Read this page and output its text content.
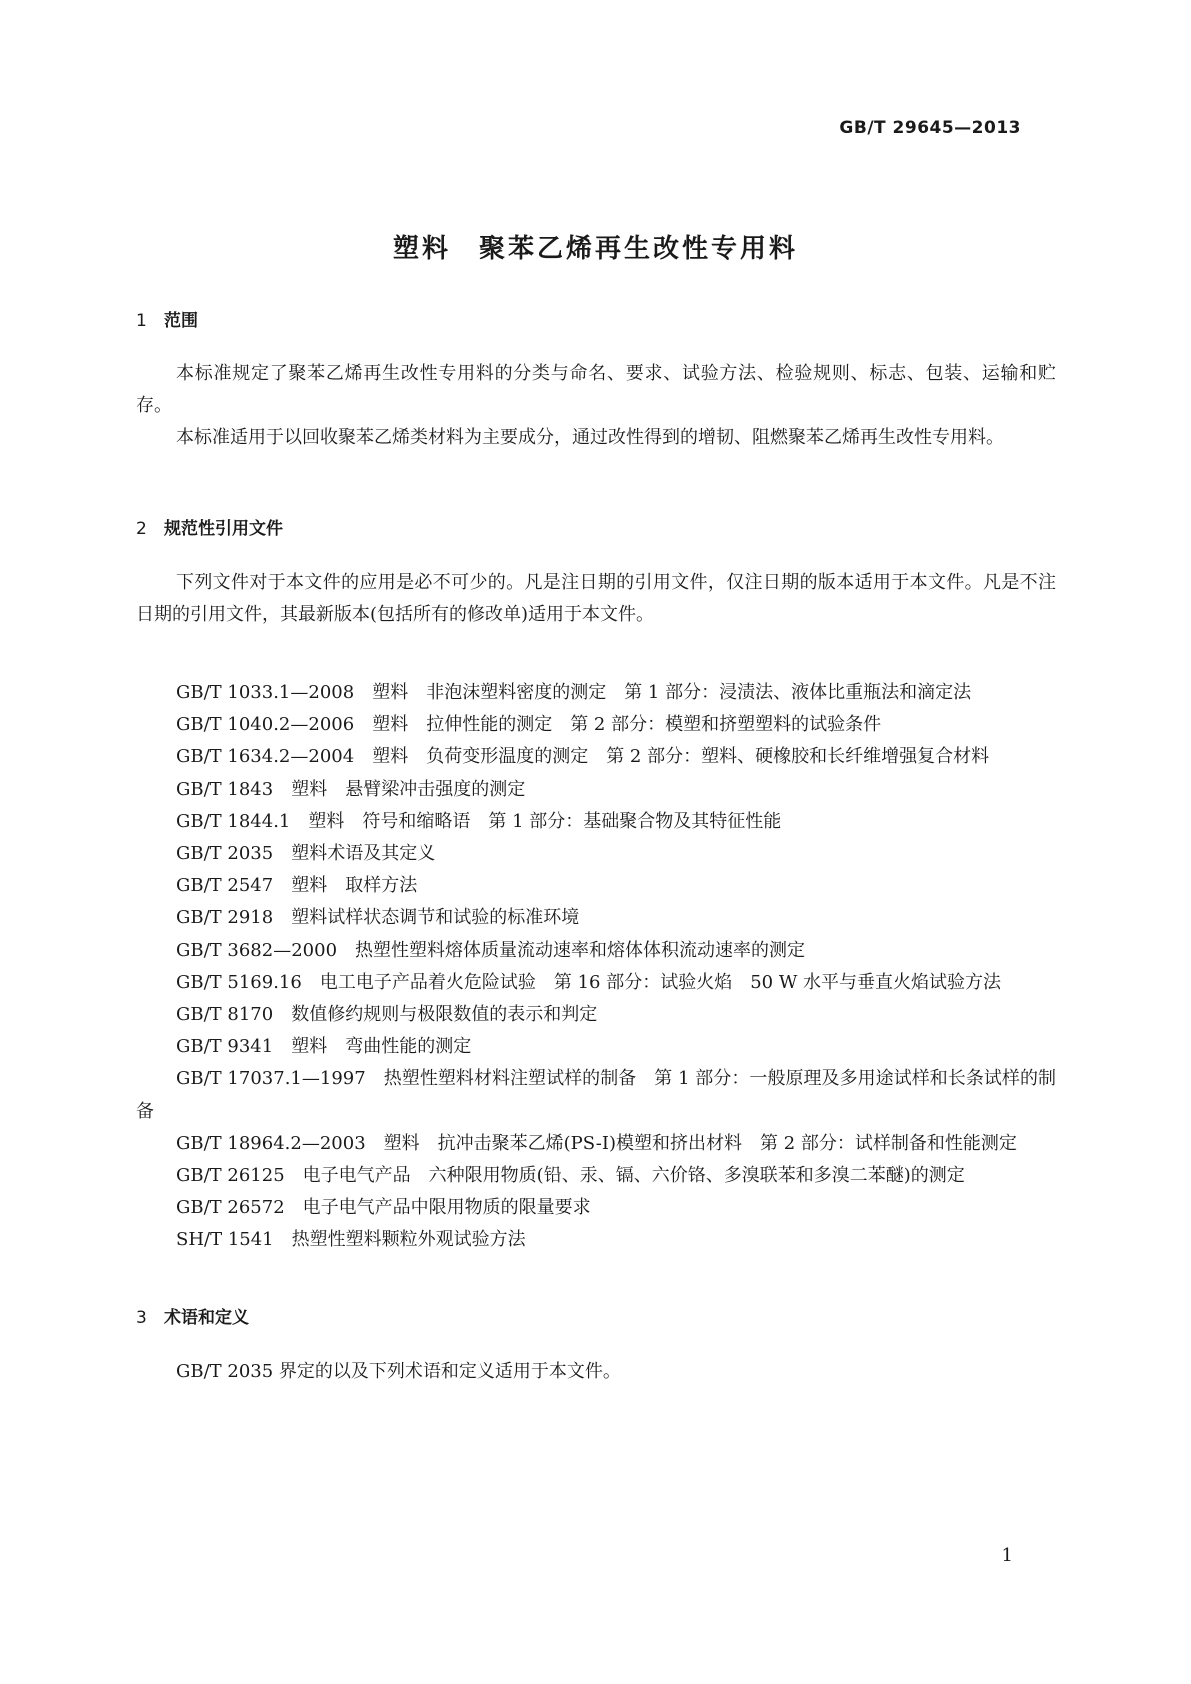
GB/T 29645—2013
塑料 聚苯乙烯再生改性专用料
1 范围

本标准规定了聚苯乙烯再生改性专用料的分类与命名、要求、试验方法、检验规则、标志、包装、运输和贮存。

本标准适用于以回收聚苯乙烯类材料为主要成分，通过改性得到的增韧、阻燃聚苯乙烯再生改性专用料。

2 规范性引用文件

下列文件对于本文件的应用是必不可少的。凡是注日期的引用文件，仅注日期的版本适用于本文件。凡是不注日期的引用文件，其最新版本(包括所有的修改单)适用于本文件。

GB/T 1033.1—2008　 塑料　非泡沫塑料密度的测定　第 1 部分：浸渍法、液体比重瓶法和滴定法

GB/T 1040.2—2006　 塑料　拉伸性能的测定　第 2 部分：模塑和挤塑塑料的试验条件

GB/T 1634.2—2004　 塑料　负荷变形温度的测定　第 2 部分：塑料、硬橡胶和长纤维增强复合材料

GB/T 1843　 塑料　悬臂梁冲击强度的测定

GB/T 1844.1　 塑料　符号和缩略语　第 1 部分：基础聚合物及其特征性能

GB/T 2035　 塑料术语及其定义

GB/T 2547　 塑料　取样方法

GB/T 2918　 塑料试样状态调节和试验的标准环境

GB/T 3682—2000　 热塑性塑料熔体质量流动速率和熔体体积流动速率的测定

GB/T 5169.16　 电工电子产品着火危险试验　第 16 部分：试验火焰　50 W 水平与垂直火焰试验方法

GB/T 8170　 数值修约规则与极限数值的表示和判定

GB/T 9341　 塑料　弯曲性能的测定

GB/T 17037.1—1997　 热塑性塑料材料注塑试样的制备　第 1 部分：一般原理及多用途试样和长条试样的制备

GB/T 18964.2—2003　 塑料　抗冲击聚苯乙烯(PS-I)模塑和挤出材料　第 2 部分：试样制备和性能测定

GB/T 26125　 电子电气产品　六种限用物质(铅、汞、镉、六价铬、多溴联苯和多溴二苯醚)的测定

GB/T 26572　 电子电气产品中限用物质的限量要求

SH/T 1541　 热塑性塑料颗粒外观试验方法

3 术语和定义

GB/T 2035 界定的以及下列术语和定义适用于本文件。

1
